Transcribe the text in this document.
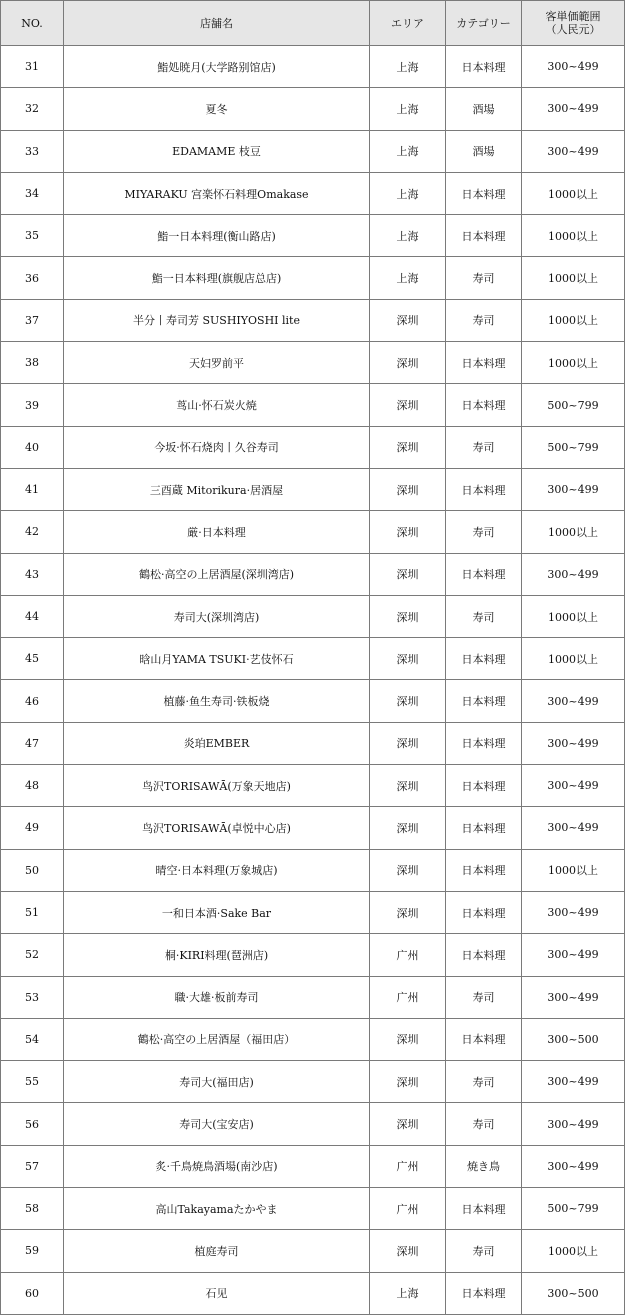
NO.	店舗名	エリア	カテゴリー	客単価範囲
（人民元）

31	鮨処暁月(大学路别馆店)	上海	日本料理	300~499
32	夏冬	上海	酒場	300~499
33	EDAMAME 枝豆	上海	酒場	300~499
34	MIYARAKU 宫楽怀石料理Omakase	上海	日本料理	1000以上
35	鮨一日本料理(衡山路店)	上海	日本料理	1000以上
36	鮨一日本料理(旗舰店总店)	上海	寿司	1000以上
37	半分丨寿司芳 SUSHIYOSHI lite	深圳	寿司	1000以上
38	天妇罗前平	深圳	日本料理	1000以上
39	茑山·怀石炭火焼	深圳	日本料理	500~799
40	今坂·怀石烧肉丨久谷寿司	深圳	寿司	500~799
41	三酉蔵 Mitorikura·居酒屋	深圳	日本料理	300~499
42	厳·日本料理	深圳	寿司	1000以上
43	鶴松·高空の上居酒屋(深圳湾店)	深圳	日本料理	300~499
44	寿司大(深圳湾店)	深圳	寿司	1000以上
45	晗山月YAMA TSUKI·艺伎怀石	深圳	日本料理	1000以上
46	植藤·鱼生寿司·铁板烧	深圳	日本料理	300~499
47	炎珀EMBER	深圳	日本料理	300~499
48	鸟沢TORISAWĀ(万象天地店)	深圳	日本料理	300~499
49	鸟沢TORISAWĀ(卓悦中心店)	深圳	日本料理	300~499
50	晴空·日本料理(万象城店)	深圳	日本料理	1000以上
51	一和日本酒·Sake Bar	深圳	日本料理	300~499
52	桐·KIRI料理(琶洲店)	广州	日本料理	300~499
53	職·大雄·板前寿司	广州	寿司	300~499
54	鶴松·高空の上居酒屋（福田店）	深圳	日本料理	300~500
55	寿司大(福田店)	深圳	寿司	300~499
56	寿司大(宝安店)	深圳	寿司	300~499
57	炙·千鳥焼鳥酒場(南沙店)	广州	焼き鳥	300~499
58	高山Takayamaたかやま	广州	日本料理	500~799
59	植庭寿司	深圳	寿司	1000以上
60	石见	上海	日本料理	300~500
